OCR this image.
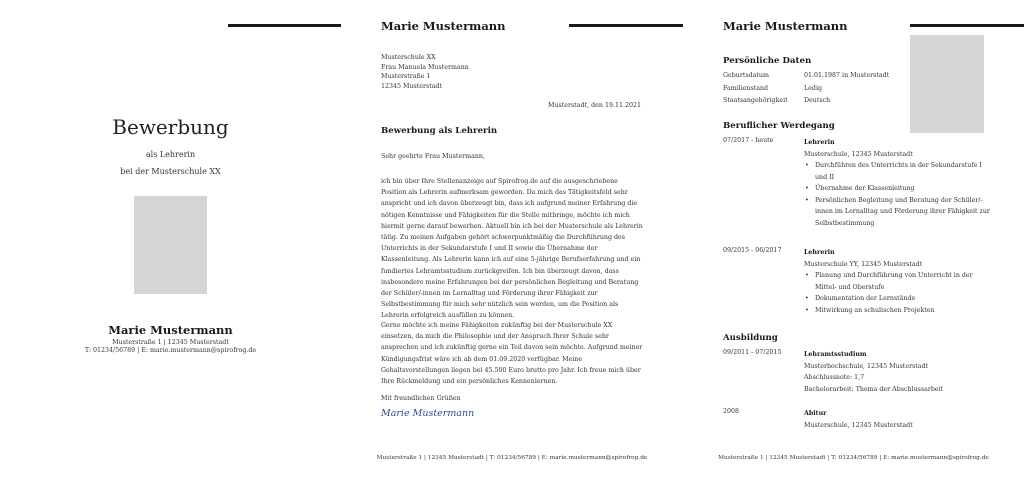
Bewerbung
als Lehrerin
bei der Musterschule XX
Marie Mustermann
Musterstraße 1 | 12345 Musterstadt
T: 01234/56789 | E: marie.mustermann@spirofrog.de
Marie Mustermann
Musterschule XX
Frau Manuela Mustermann
Musterstraße 1
12345 Musterstadt
Musterstadt, den 19.11.2021
Bewerbung als Lehrerin
Sehr geehrte Frau Mustermann,
ich bin über Ihre Stellenanzeige auf Spirofrog.de auf die ausgeschriebene Position als Lehrerin aufmerksam geworden. Da mich das Tätigkeitsfeld sehr anspricht und ich davon überzeugt bin, dass ich aufgrund meiner Erfahrung die nötigen Kenntnisse und Fähigkeiten für die Stelle mitbringe, möchte ich mich hiermit gerne darauf bewerben. Aktuell bin ich bei der Musterschule als Lehrerin tätig. Zu meinen Aufgaben gehört schwerpunktmäßig die Durchführung des Unterrichts in der Sekundarstufe I und II sowie die Übernahme der Klassenleitung. Als Lehrerin kann ich auf eine 5-jährige Berufserfahrung und ein fundiertes Lehramtsstudium zurückgreifen. Ich bin überzeugt davon, dass insbesondere meine Erfahrungen bei der persönlichen Begleitung und Beratung der Schüler/-innen im Lernalltag und Förderung ihrer Fähigkeit zur Selbstbestimmung für mich sehr nützlich sein werden, um die Position als Lehrerin erfolgreich ausfüllen zu können.
Gerne möchte ich meine Fähigkeiten zukünftig bei der Musterschule XX einsetzen, da mich die Philosophie und der Anspruch Ihrer Schule sehr ansprechen und ich zukünftig gerne ein Teil davon sein möchte. Aufgrund meiner Kündigungsfrist wäre ich ab dem 01.09.2020 verfügbar. Meine Gehaltsvorstellungen liegen bei 45.500 Euro brutto pro Jahr. Ich freue mich über Ihre Rückmeldung und ein persönliches Kennenlernen.
Mit freundlichen Grüßen
Marie Mustermann
Musterstraße 1 | 12345 Musterstadt | T: 01234/56789 | E: marie.mustermann@spirofrog.de
Marie Mustermann
Persönliche Daten
Geburtsdatum	01.01.1987 in Musterstadt
Familienstand	Ledig
Staatsangehörigkeit	Deutsch
Beruflicher Werdegang
07/2017 - heute	Lehrerin
Musterschule, 12345 Musterstadt
• Durchführen des Unterrichts in der Sekundarstufe I und II
• Übernahme der Klassenleitung
• Persönlichen Begleitung und Beratung der Schüler/-innen im Lernalltag und Förderung ihrer Fähigkeit zur Selbstbestimmung
09/2015 - 06/2017	Lehrerin
Musterschule YY, 12345 Musterstadt
• Planung und Durchführung von Unterricht in der Mittel- und Oberstufe
• Dokumentation der Lernstände
• Mitwirkung an schulischen Projekten
Ausbildung
09/2011 - 07/2015	Lehramtsstudium
Musterhochschule, 12345 Musterstadt
Abschlussnote: 1,7
Bachelorarbeit: Thema der Abschlussarbeit
2008	Abitur
Musterschule, 12345 Musterstadt
Musterstraße 1 | 12345 Musterstadt | T: 01234/56789 | E: marie.mustermann@spirofrog.de
